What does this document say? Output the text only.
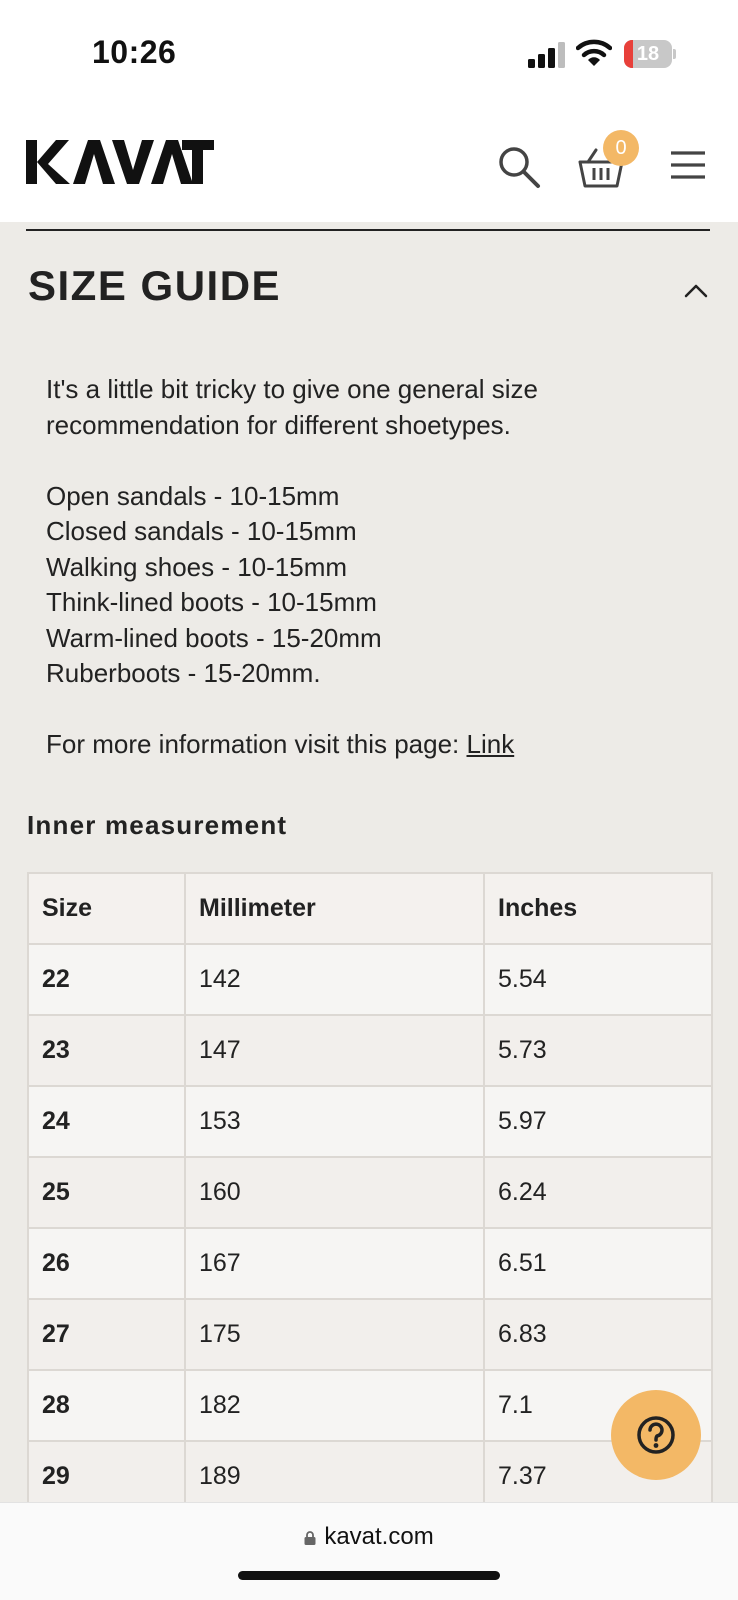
10:26	18
0
SIZE GUIDE

It's a little bit tricky to give one general size recommendation for different shoetypes.

Open sandals - 10-15mm

Closed sandals - 10-15mm

Walking shoes - 10-15mm

Think-lined boots - 10-15mm

Warm-lined boots - 15-20mm

Ruberboots - 15-20mm.

For more information visit this page: Link

Inner measurement
Size	Millimeter	Inches
22	142	5.54
23	147	5.73
24	153	5.97
25	160	6.24
26	167	6.51
27	175	6.83
28	182	7.1
29	189	7.37
kavat.com
